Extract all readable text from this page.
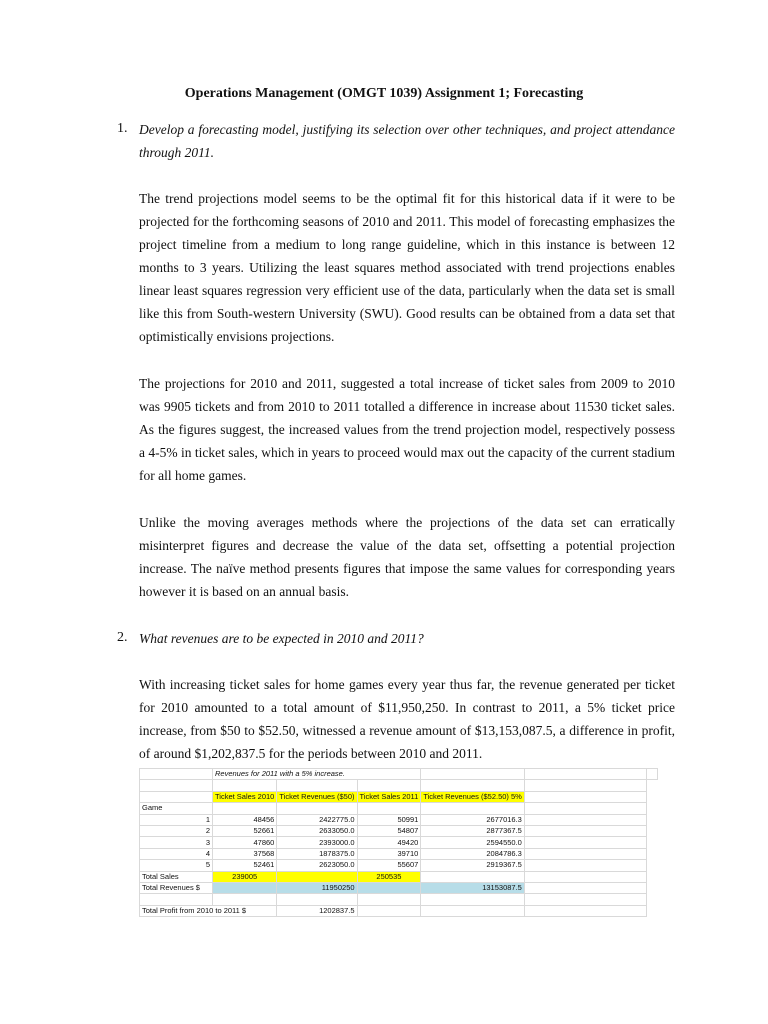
Operations Management (OMGT 1039) Assignment 1; Forecasting
1. Develop a forecasting model, justifying its selection over other techniques, and project attendance through 2011.
The trend projections model seems to be the optimal fit for this historical data if it were to be projected for the forthcoming seasons of 2010 and 2011. This model of forecasting emphasizes the project timeline from a medium to long range guideline, which in this instance is between 12 months to 3 years. Utilizing the least squares method associated with trend projections enables linear least squares regression very efficient use of the data, particularly when the data set is small like this from South-western University (SWU). Good results can be obtained from a data set that optimistically envisions projections.
The projections for 2010 and 2011, suggested a total increase of ticket sales from 2009 to 2010 was 9905 tickets and from 2010 to 2011 totalled a difference in increase about 11530 ticket sales. As the figures suggest, the increased values from the trend projection model, respectively possess a 4-5% in ticket sales, which in years to proceed would max out the capacity of the current stadium for all home games.
Unlike the moving averages methods where the projections of the data set can erratically misinterpret figures and decrease the value of the data set, offsetting a potential projection increase. The naïve method presents figures that impose the same values for corresponding years however it is based on an annual basis.
2. What revenues are to be expected in 2010 and 2011?
With increasing ticket sales for home games every year thus far, the revenue generated per ticket for 2010 amounted to a total amount of $11,950,250. In contrast to 2011, a 5% ticket price increase, from $50 to $52.50, witnessed a revenue amount of $13,153,087.5, a difference in profit, of around $1,202,837.5 for the periods between 2010 and 2011.
	Revenues for 2011 with a 5% increase.					

	Ticket Sales 2010	Ticket Revenues ($50)	Ticket Sales 2011	Ticket Revenues ($52.50) 5%		
Game						
1	48456	2422775.0	50991	2677016.3		
2	52661	2633050.0	54807	2877367.5		
3	47860	2393000.0	49420	2594550.0		
4	37568	1878375.0	39710	2084786.3		
5	52461	2623050.0	55607	2919367.5		
Total Sales	239005		250535			
Total Revenues $		11950250		13153087.5		

Total Profit from 2010 to 2011 $		1202837.5				
